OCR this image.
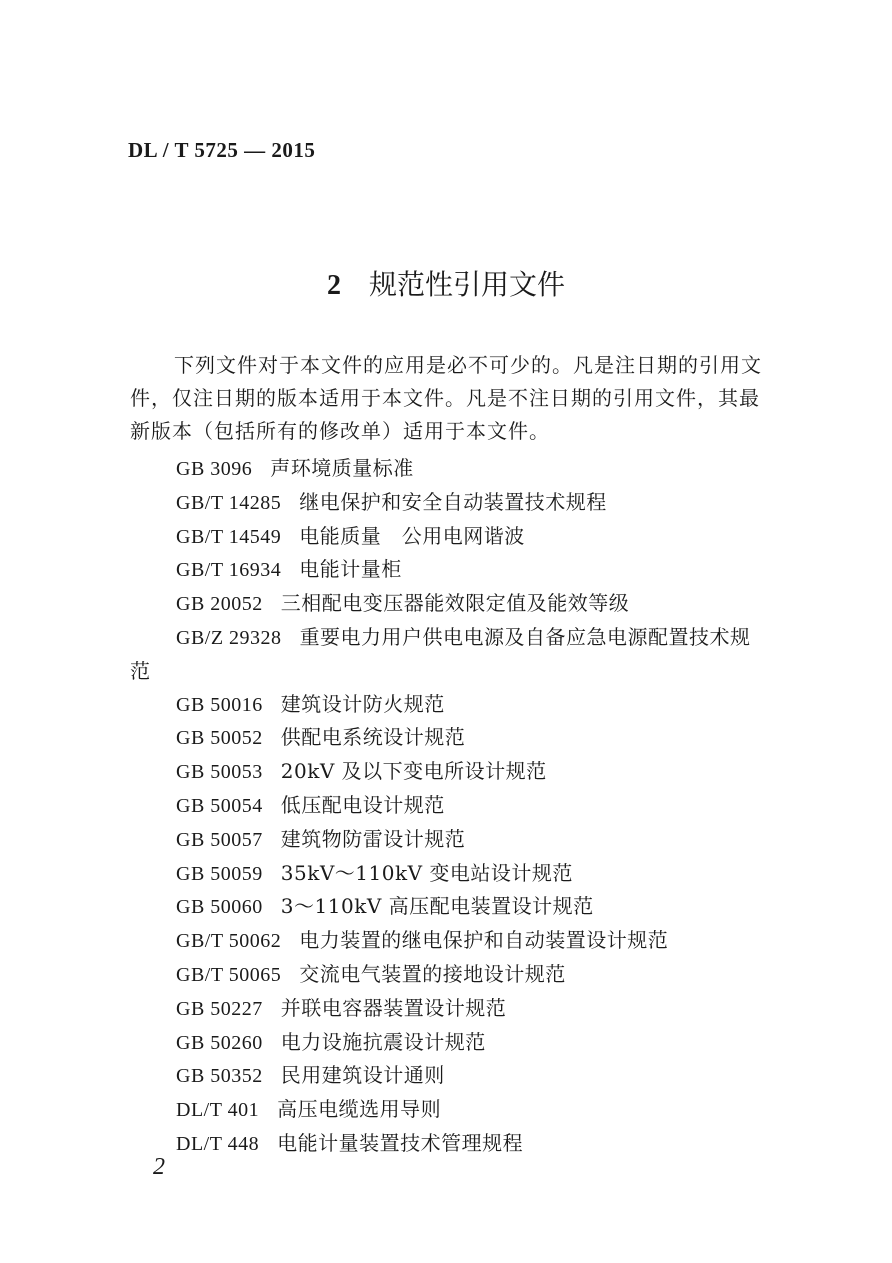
DL / T 5725 — 2015
2 规范性引用文件
下列文件对于本文件的应用是必不可少的。凡是注日期的引用文件，仅注日期的版本适用于本文件。凡是不注日期的引用文件，其最新版本（包括所有的修改单）适用于本文件。
GB 3096 声环境质量标准
GB/T 14285 继电保护和安全自动装置技术规程
GB/T 14549 电能质量　公用电网谐波
GB/T 16934 电能计量柜
GB 20052 三相配电变压器能效限定值及能效等级
GB/Z 29328 重要电力用户供电电源及自备应急电源配置技术规范
GB 50016 建筑设计防火规范
GB 50052 供配电系统设计规范
GB 50053 20kV 及以下变电所设计规范
GB 50054 低压配电设计规范
GB 50057 建筑物防雷设计规范
GB 50059 35kV～110kV 变电站设计规范
GB 50060 3～110kV 高压配电装置设计规范
GB/T 50062 电力装置的继电保护和自动装置设计规范
GB/T 50065 交流电气装置的接地设计规范
GB 50227 并联电容器装置设计规范
GB 50260 电力设施抗震设计规范
GB 50352 民用建筑设计通则
DL/T 401 高压电缆选用导则
DL/T 448 电能计量装置技术管理规程
2
